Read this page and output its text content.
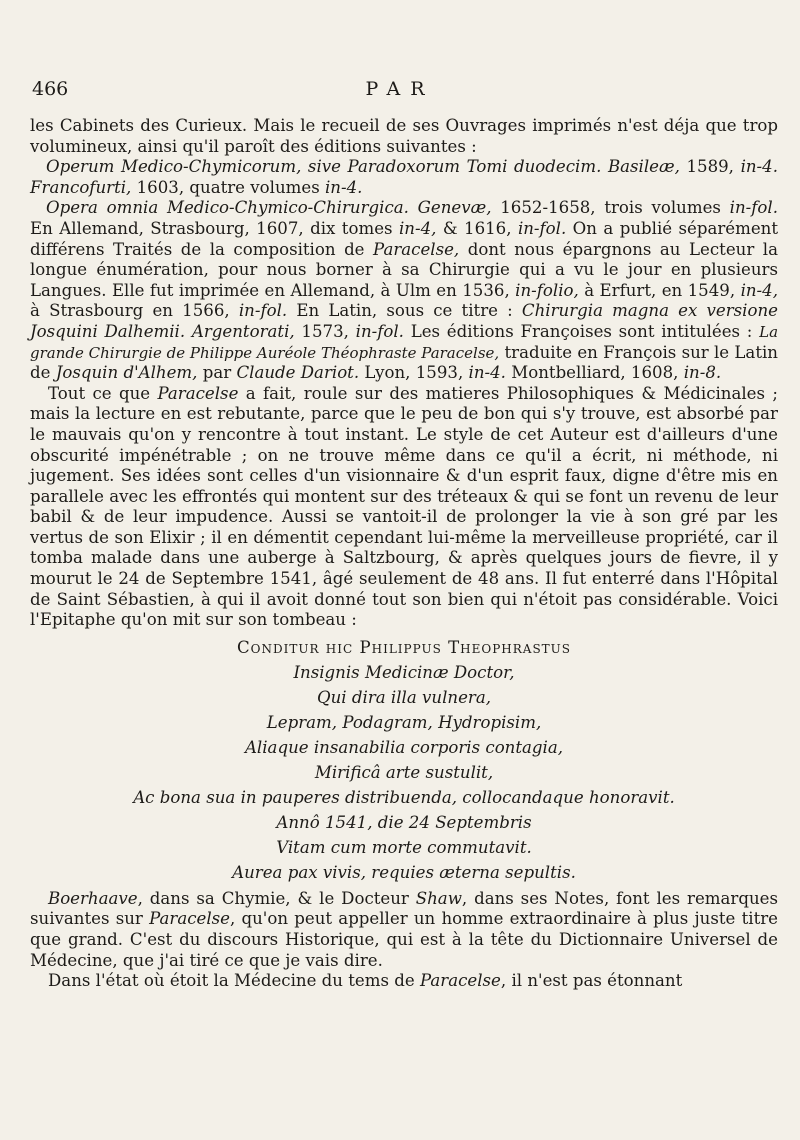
466	PAR

les Cabinets des Curieux. Mais le recueil de ses Ouvrages imprimés n'est déja que trop volumineux, ainsi qu'il paroît des éditions suivantes :

Operum Medico-Chymicorum, sive Paradoxorum Tomi duodecim. Basileæ, 1589, in-4. Francofurti, 1603, quatre volumes in-4.

Opera omnia Medico-Chymico-Chirurgica. Genevæ, 1652-1658, trois volumes in-fol. En Allemand, Strasbourg, 1607, dix tomes in-4, & 1616, in-fol. On a publié séparément différens Traités de la composition de Paracelse, dont nous épargnons au Lecteur la longue énumération, pour nous borner à sa Chirurgie qui a vu le jour en plusieurs Langues. Elle fut imprimée en Allemand, à Ulm en 1536, in-folio, à Erfurt, en 1549, in-4, à Strasbourg en 1566, in-fol. En Latin, sous ce titre : Chirurgia magna ex versione Josquini Dalhemii. Argentorati, 1573, in-fol. Les éditions Françoises sont intitulées : La grande Chirurgie de Philippe Auréole Théophraste Paracelse, traduite en François sur le Latin de Josquin d'Alhem, par Claude Dariot. Lyon, 1593, in-4. Montbelliard, 1608, in-8.

Tout ce que Paracelse a fait, roule sur des matieres Philosophiques & Médicinales ; mais la lecture en est rebutante, parce que le peu de bon qui s'y trouve, est absorbé par le mauvais qu'on y rencontre à tout instant. Le style de cet Auteur est d'ailleurs d'une obscurité impénétrable ; on ne trouve même dans ce qu'il a écrit, ni méthode, ni jugement. Ses idées sont celles d'un visionnaire & d'un esprit faux, digne d'être mis en parallele avec les effrontés qui montent sur des tréteaux & qui se font un revenu de leur babil & de leur impudence. Aussi se vantoit-il de prolonger la vie à son gré par les vertus de son Elixir ; il en démentit cependant lui-même la merveilleuse propriété, car il tomba malade dans une auberge à Saltzbourg, & après quelques jours de fievre, il y mourut le 24 de Septembre 1541, âgé seulement de 48 ans. Il fut enterré dans l'Hôpital de Saint Sébastien, à qui il avoit donné tout son bien qui n'étoit pas considérable. Voici l'Epitaphe qu'on mit sur son tombeau :

Conditur hic Philippus Theophrastus
Insignis Medicinæ Doctor,
Qui dira illa vulnera,
Lepram, Podagram, Hydropisim,
Aliaque insanabilia corporis contagia,
Mirificâ arte sustulit,
Ac bona sua in pauperes distribuenda, collocandaque honoravit.
Annô 1541, die 24 Septembris
Vitam cum morte commutavit.
Aurea pax vivis, requies æterna sepultis.

Boerhaave, dans sa Chymie, & le Docteur Shaw, dans ses Notes, font les remarques suivantes sur Paracelse, qu'on peut appeller un homme extraordinaire à plus juste titre que grand. C'est du discours Historique, qui est à la tête du Dictionnaire Universel de Médecine, que j'ai tiré ce que je vais dire.

Dans l'état où étoit la Médecine du tems de Paracelse, il n'est pas étonnant
